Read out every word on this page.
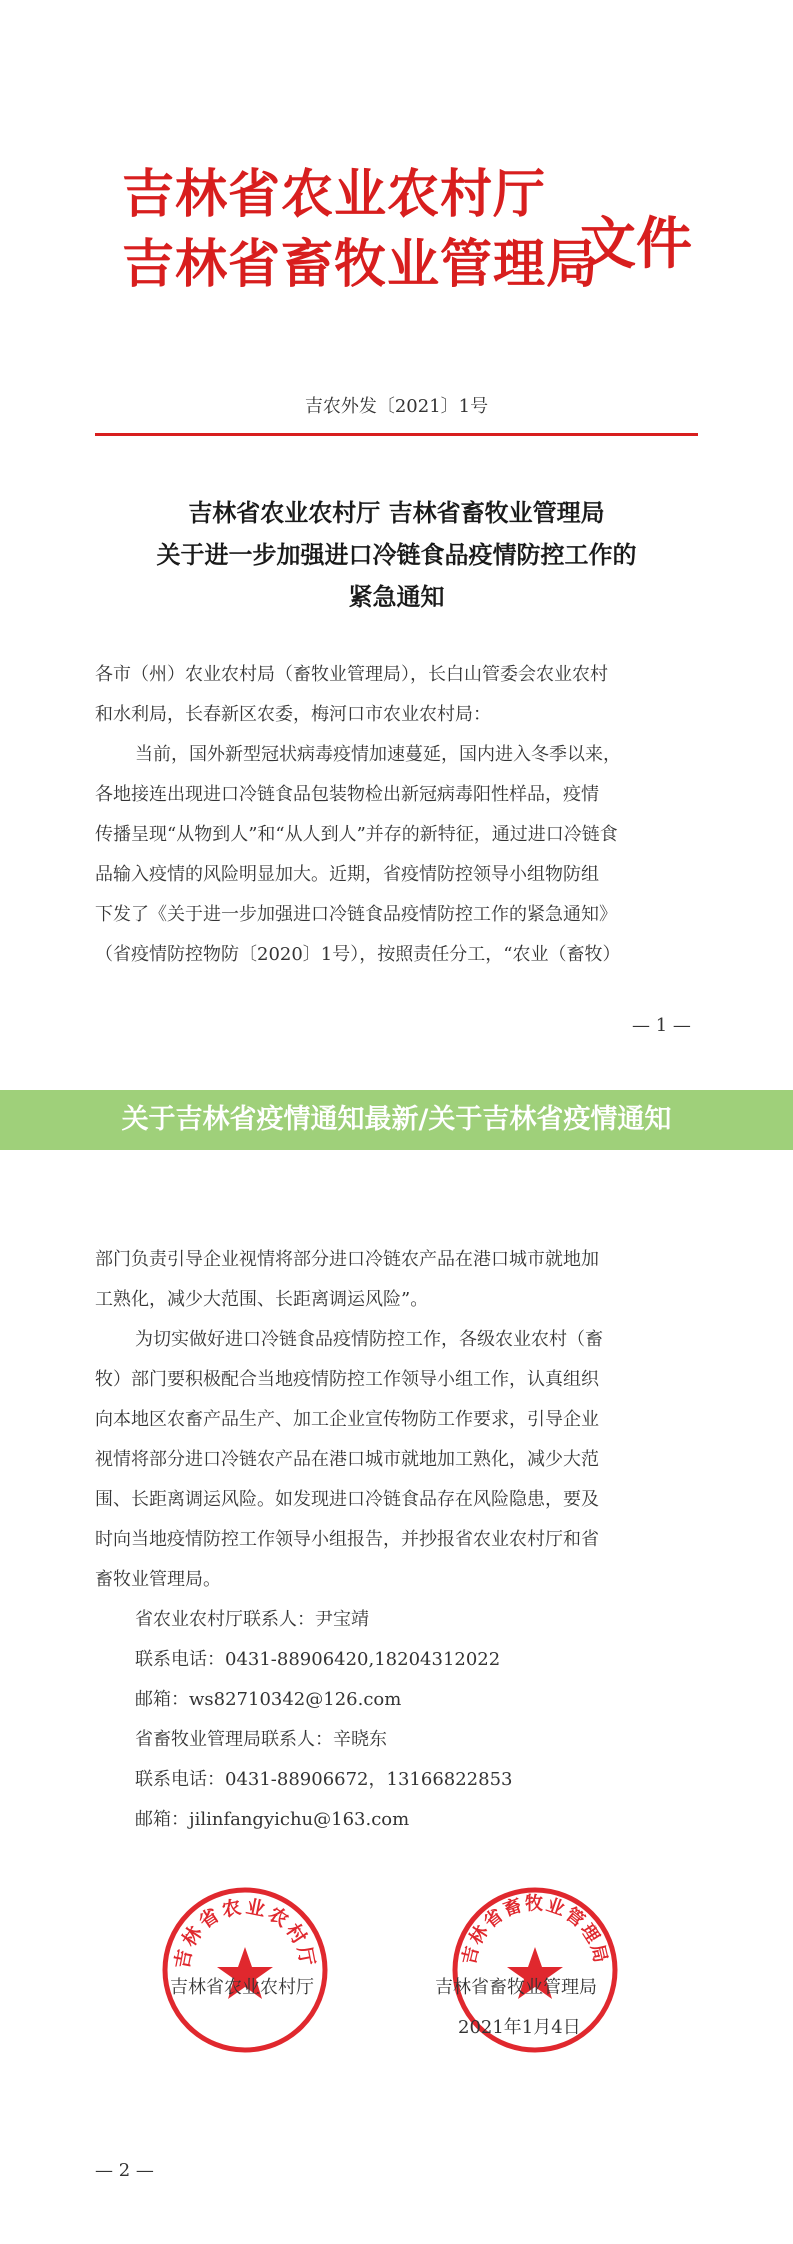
吉林省农业农村厅
吉林省畜牧业管理局
文件
吉农外发〔2021〕1号
吉林省农业农村厅 吉林省畜牧业管理局
关于进一步加强进口冷链食品疫情防控工作的
紧急通知
各市（州）农业农村局（畜牧业管理局），长白山管委会农业农村
和水利局，长春新区农委，梅河口市农业农村局：
当前，国外新型冠状病毒疫情加速蔓延，国内进入冬季以来，
各地接连出现进口冷链食品包装物检出新冠病毒阳性样品，疫情
传播呈现“从物到人”和“从人到人”并存的新特征，通过进口冷链食
品输入疫情的风险明显加大。近期，省疫情防控领导小组物防组
下发了《关于进一步加强进口冷链食品疫情防控工作的紧急通知》
（省疫情防控物防〔2020〕1号），按照责任分工，“农业（畜牧）
— 1 —
关于吉林省疫情通知最新/关于吉林省疫情通知
部门负责引导企业视情将部分进口冷链农产品在港口城市就地加
工熟化，减少大范围、长距离调运风险”。
为切实做好进口冷链食品疫情防控工作，各级农业农村（畜
牧）部门要积极配合当地疫情防控工作领导小组工作，认真组织
向本地区农畜产品生产、加工企业宣传物防工作要求，引导企业
视情将部分进口冷链农产品在港口城市就地加工熟化，减少大范
围、长距离调运风险。如发现进口冷链食品存在风险隐患，要及
时向当地疫情防控工作领导小组报告，并抄报省农业农村厅和省
畜牧业管理局。
省农业农村厅联系人：尹宝靖
联系电话：0431-88906420,18204312022
邮箱：ws82710342@126.com
省畜牧业管理局联系人：辛晓东
联系电话：0431-88906672，13166822853
邮箱：jilinfangyichu@163.com
吉林省农业农村厅	吉林省畜牧业管理局
吉林省农业农村厅	吉林省畜牧业管理局
2021年1月4日
— 2 —
